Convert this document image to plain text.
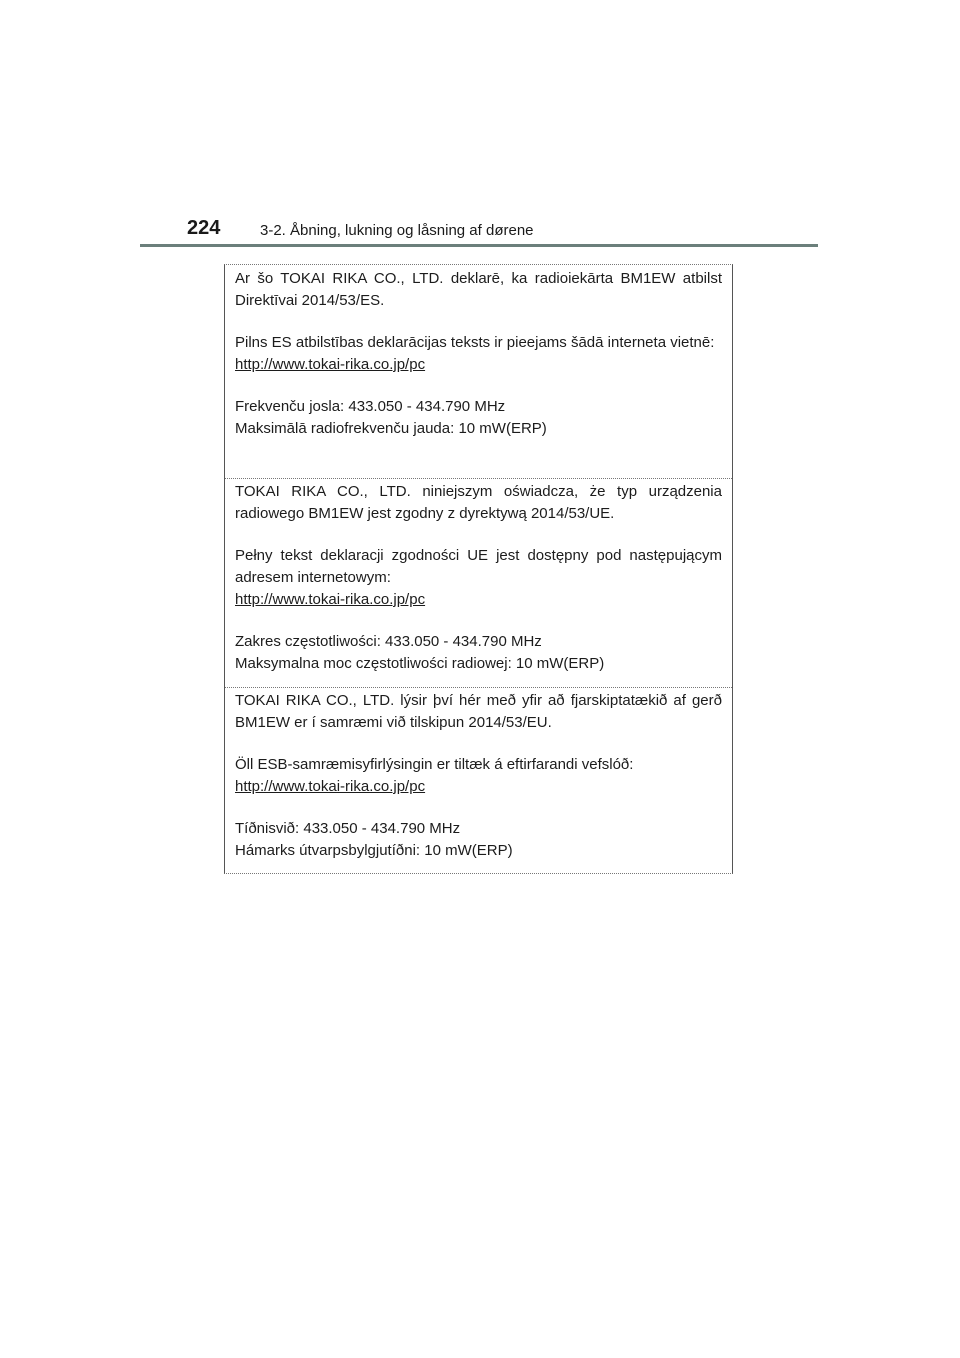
224	3-2. Åbning, lukning og låsning af dørene

Ar šo TOKAI RIKA CO., LTD. deklarē, ka radioiekārta BM1EW atbilst Direktīvai 2014/53/ES.

Pilns ES atbilstības deklarācijas teksts ir pieejams šādā interneta vietnē:

http://www.tokai-rika.co.jp/pc
Frekvenču josla: 433.050 - 434.790 MHz
Maksimālā radiofrekvenču jauda: 10 mW(ERP)

TOKAI RIKA CO., LTD. niniejszym oświadcza, że typ urządzenia radiowego BM1EW jest zgodny z dyrektywą 2014/53/UE.

Pełny tekst deklaracji zgodności UE jest dostępny pod następującym adresem internetowym:

http://www.tokai-rika.co.jp/pc
Zakres częstotliwości: 433.050 - 434.790 MHz
Maksymalna moc częstotliwości radiowej: 10 mW(ERP)

TOKAI RIKA CO., LTD. lýsir því hér með yfir að fjarskiptatækið af gerð BM1EW er í samræmi við tilskipun 2014/53/EU.

Öll ESB-samræmisyfirlýsingin er tiltæk á eftirfarandi vefslóð:

http://www.tokai-rika.co.jp/pc
Tíðnisvið: 433.050 - 434.790 MHz
Hámarks útvarpsbylgjutíðni: 10 mW(ERP)
